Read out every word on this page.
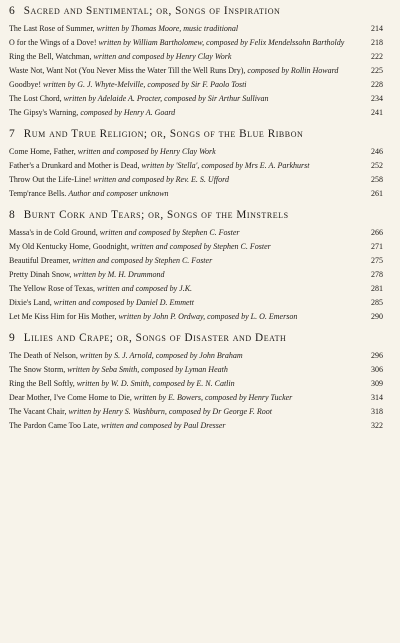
6 Sacred and Sentimental; or, Songs of Inspiration
The Last Rose of Summer, written by Thomas Moore, music traditional	214
O for the Wings of a Dove! written by William Bartholomew, composed by Felix Mendelssohn Bartholdy	218
Ring the Bell, Watchman, written and composed by Henry Clay Work	222
Waste Not, Want Not (You Never Miss the Water Till the Well Runs Dry), composed by Rollin Howard	225
Goodbye! written by G. J. Whyte-Melville, composed by Sir F. Paolo Tosti	228
The Lost Chord, written by Adelaide A. Procter, composed by Sir Arthur Sullivan	234
The Gipsy's Warning, composed by Henry A. Goard	241
7 Rum and True Religion; or, Songs of the Blue Ribbon
Come Home, Father, written and composed by Henry Clay Work	246
Father's a Drunkard and Mother is Dead, written by 'Stella', composed by Mrs E. A. Parkhurst	252
Throw Out the Life-Line! written and composed by Rev. E. S. Ufford	258
Temp'rance Bells. Author and composer unknown	261
8 Burnt Cork and Tears; or, Songs of the Minstrels
Massa's in de Cold Ground, written and composed by Stephen C. Foster	266
My Old Kentucky Home, Goodnight, written and composed by Stephen C. Foster	271
Beautiful Dreamer, written and composed by Stephen C. Foster	275
Pretty Dinah Snow, written by M. H. Drummond	278
The Yellow Rose of Texas, written and composed by J.K.	281
Dixie's Land, written and composed by Daniel D. Emmett	285
Let Me Kiss Him for His Mother, written by John P. Ordway, composed by L. O. Emerson	290
9 Lilies and Crape; or, Songs of Disaster and Death
The Death of Nelson, written by S. J. Arnold, composed by John Braham	296
The Snow Storm, written by Seba Smith, composed by Lyman Heath	306
Ring the Bell Softly, written by W. D. Smith, composed by E. N. Catlin	309
Dear Mother, I've Come Home to Die, written by E. Bowers, composed by Henry Tucker	314
The Vacant Chair, written by Henry S. Washburn, composed by Dr George F. Root	318
The Pardon Came Too Late, written and composed by Paul Dresser	322
